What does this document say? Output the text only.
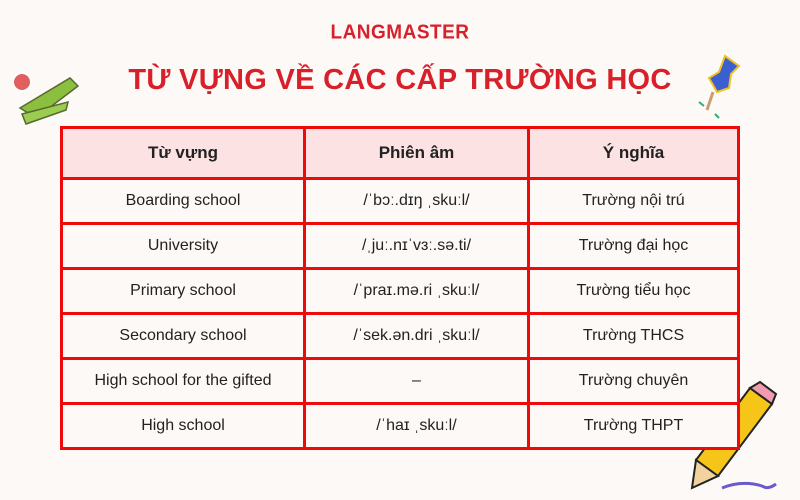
LANGMASTER
TỪ VỰNG VỀ CÁC CẤP TRƯỜNG HỌC
Từ vựng	Phiên âm	Ý nghĩa
Boarding school	/ˈbɔː.dɪŋ ˌskuːl/	Trường nội trú
University	/ˌjuː.nɪˈvɜː.sə.ti/	Trường đại học
Primary school	/ˈpraɪ.mə.ri ˌskuːl/	Trường tiểu học
Secondary school	/ˈsek.ən.dri ˌskuːl/	Trường THCS
High school for the gifted	–	Trường chuyên
High school	/ˈhaɪ ˌskuːl/	Trường THPT
